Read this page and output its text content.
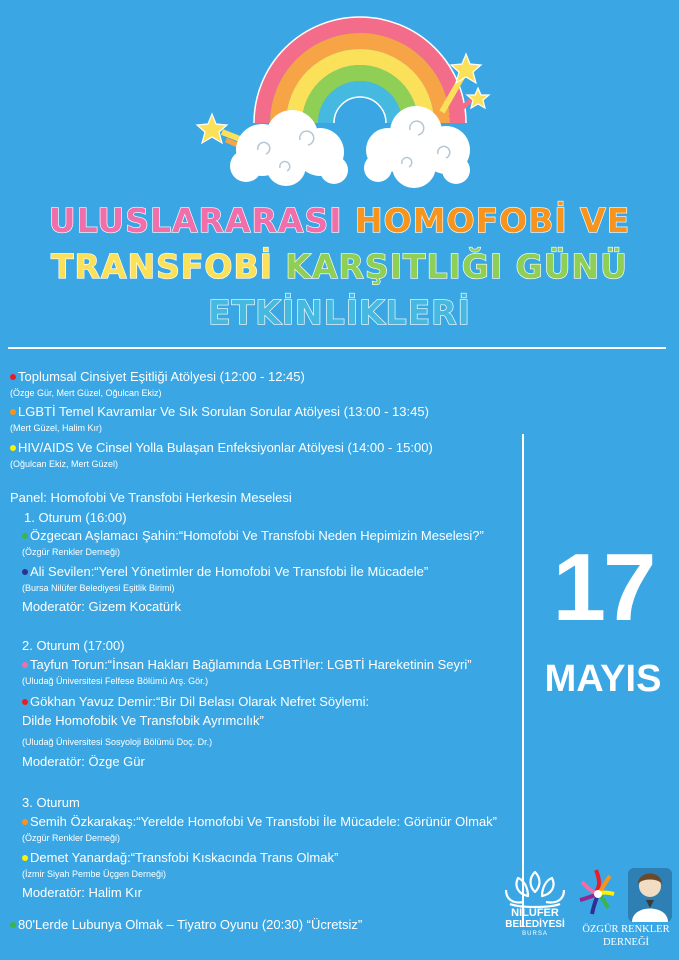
ULUSLARARASI HOMOFOBİ VE
TRANSFOBİ KARŞITLIĞI GÜNÜ
ETKİNLİKLERİ
Toplumsal Cinsiyet Eşitliği Atölyesi (12:00 - 12:45)
(Özge Gür, Mert Güzel, Oğulcan Ekiz)
LGBTİ Temel Kavramlar Ve Sık Sorulan Sorular Atölyesi (13:00 - 13:45)
(Mert Güzel, Halim Kır)
HIV/AIDS Ve Cinsel Yolla Bulaşan Enfeksiyonlar Atölyesi (14:00 - 15:00)
(Oğulcan Ekiz, Mert Güzel)
Panel: Homofobi Ve Transfobi Herkesin Meselesi
1. Oturum (16:00)
Özgecan Aşlamacı Şahin:“Homofobi Ve Transfobi Neden Hepimizin Meselesi?”
(Özgür Renkler Derneği)
Ali Sevilen:“Yerel Yönetimler de Homofobi Ve Transfobi İle Mücadele”
(Bursa Nilüfer Belediyesi Eşitlik Birimi)
Moderatör: Gizem Kocatürk
2. Oturum (17:00)
Tayfun Torun:“İnsan Hakları Bağlamında LGBTİ'ler: LGBTİ Hareketinin Seyri”
(Uludağ Üniversitesi Felfese Bölümü Arş. Gör.)
Gökhan Yavuz Demir:“Bir Dil Belası Olarak Nefret Söylemi:
Dilde Homofobik Ve Transfobik Ayrımcılık”
(Uludağ Üniversitesi Sosyoloji Bölümü Doç. Dr.)
Moderatör: Özge Gür
3. Oturum
Semih Özkarakaş:“Yerelde Homofobi Ve Transfobi İle Mücadele: Görünür Olmak”
(Özgür Renkler Derneği)
Demet Yanardağ:“Transfobi Kıskacında Trans Olmak”
(İzmir Siyah Pembe Üçgen Derneği)
Moderatör: Halim Kır
80'Lerde Lubunya Olmak – Tiyatro Oyunu (20:30) “Ücretsiz”
17
MAYIS
NİLÜFER
BELEDİYESİ
BURSA	ÖZGÜR RENKLER
DERNEĞİ
